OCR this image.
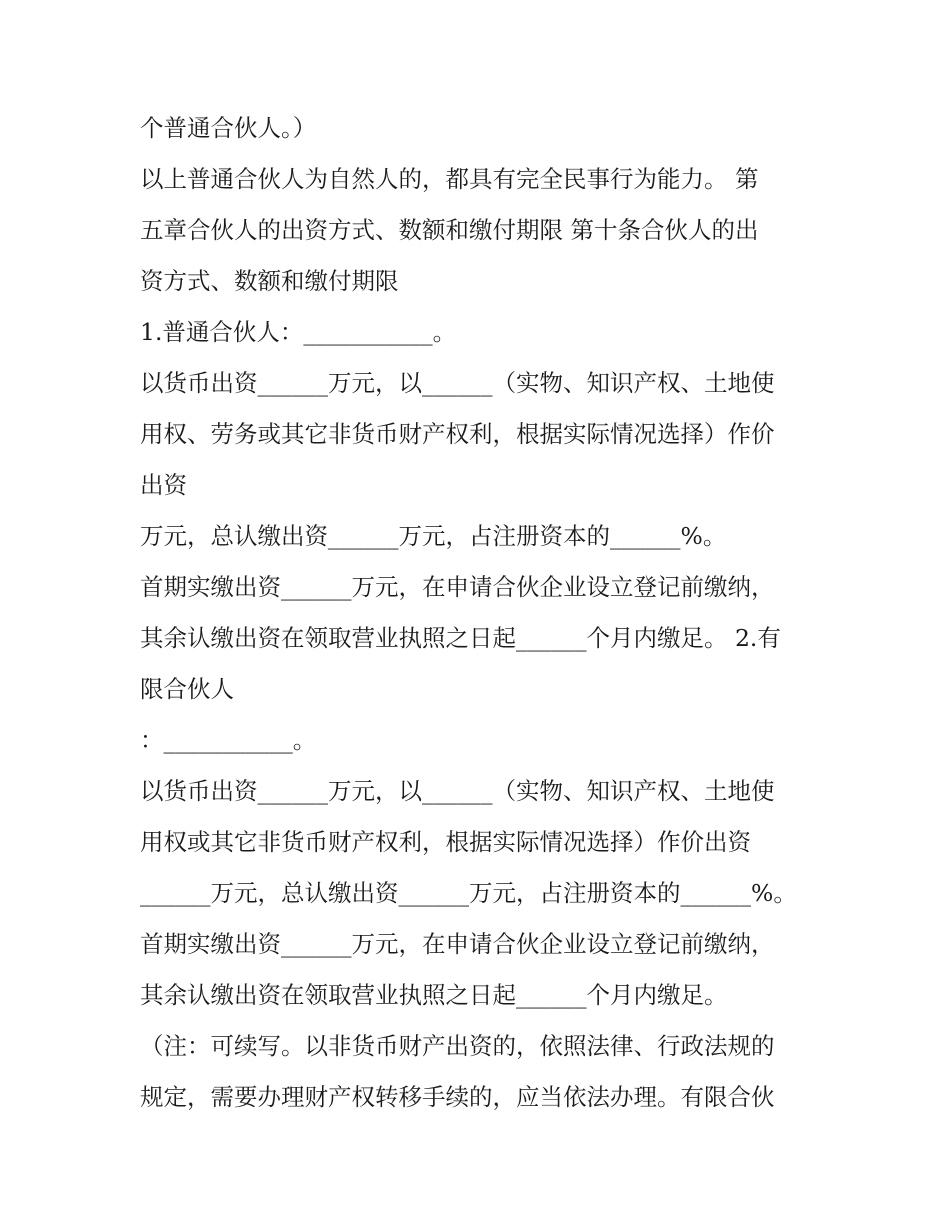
个普通合伙人。）

以上普通合伙人为自然人的，都具有完全民事行为能力。 第

五章合伙人的出资方式、数额和缴付期限 第十条合伙人的出

资方式、数额和缴付期限

1.普通合伙人：___________。

以货币出资______万元，以______（实物、知识产权、土地使

用权、劳务或其它非货币财产权利，根据实际情况选择）作价

出资

万元，总认缴出资______万元，占注册资本的______%。

首期实缴出资______万元，在申请合伙企业设立登记前缴纳，

其余认缴出资在领取营业执照之日起______个月内缴足。 2.有

限合伙人

：___________。

以货币出资______万元，以______（实物、知识产权、土地使

用权或其它非货币财产权利，根据实际情况选择）作价出资

______万元，总认缴出资______万元，占注册资本的______%。

首期实缴出资______万元，在申请合伙企业设立登记前缴纳，

其余认缴出资在领取营业执照之日起______个月内缴足。

（注：可续写。以非货币财产出资的，依照法律、行政法规的

规定，需要办理财产权转移手续的，应当依法办理。有限合伙
